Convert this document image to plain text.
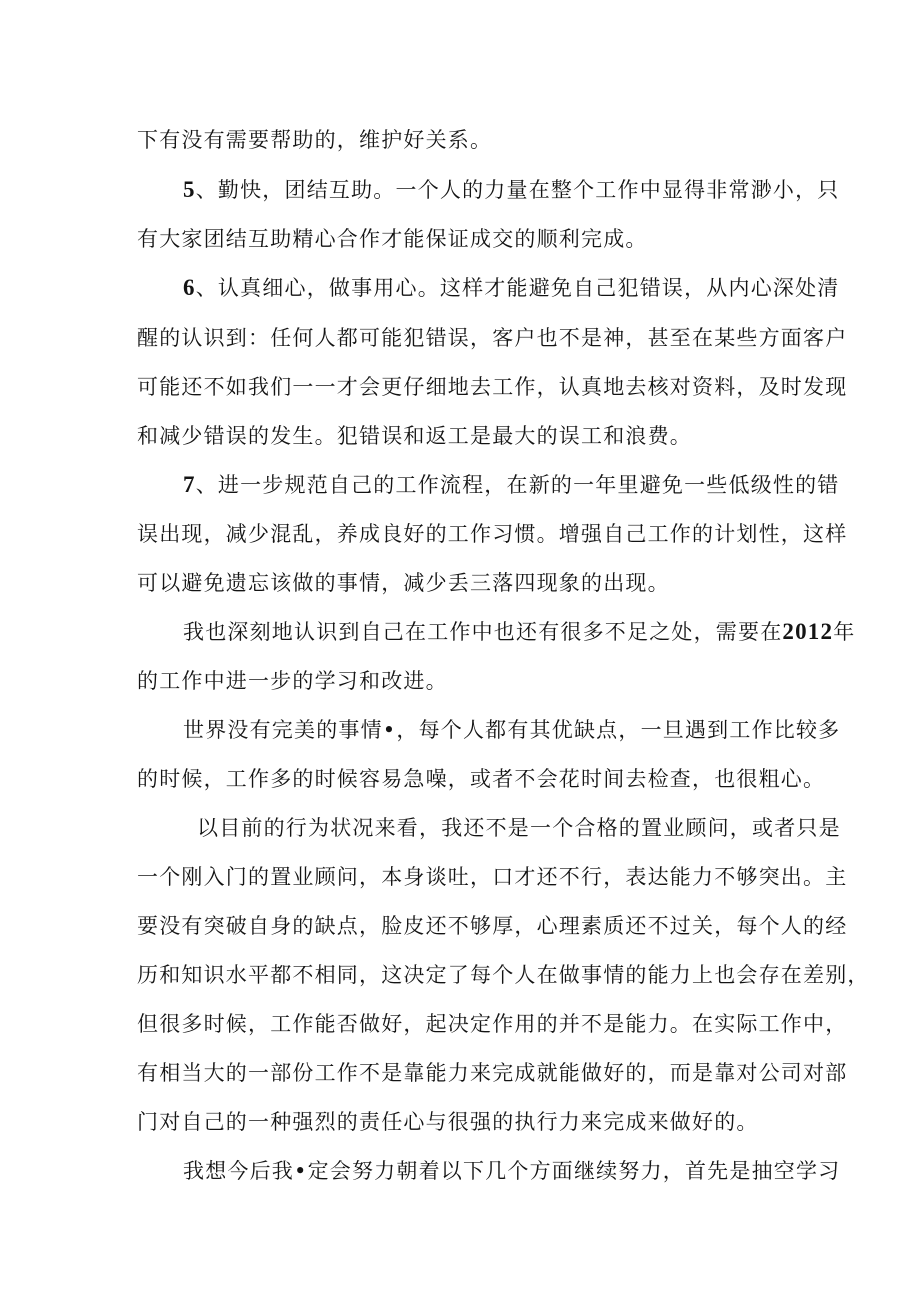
下有没有需要帮助的，维护好关系。

5、勤快，团结互助。一个人的力量在整个工作中显得非常渺小，只

有大家团结互助精心合作才能保证成交的顺利完成。

6、认真细心，做事用心。这样才能避免自己犯错误，从内心深处清

醒的认识到：任何人都可能犯错误，客户也不是神，甚至在某些方面客户

可能还不如我们一一才会更仔细地去工作，认真地去核对资料，及时发现

和减少错误的发生。犯错误和返工是最大的误工和浪费。

7、进一步规范自己的工作流程，在新的一年里避免一些低级性的错

误出现，减少混乱，养成良好的工作习惯。增强自己工作的计划性，这样

可以避免遗忘该做的事情，减少丢三落四现象的出现。

我也深刻地认识到自己在工作中也还有很多不足之处，需要在2012年

的工作中进一步的学习和改进。

世界没有完美的事情•，每个人都有其优缺点，一旦遇到工作比较多

的时候，工作多的时候容易急噪，或者不会花时间去检查，也很粗心。

以目前的行为状况来看，我还不是一个合格的置业顾问，或者只是

一个刚入门的置业顾问，本身谈吐，口才还不行，表达能力不够突出。主

要没有突破自身的缺点，脸皮还不够厚，心理素质还不过关，每个人的经

历和知识水平都不相同，这决定了每个人在做事情的能力上也会存在差别，

但很多时候，工作能否做好，起决定作用的并不是能力。在实际工作中，

有相当大的一部份工作不是靠能力来完成就能做好的，而是靠对公司对部

门对自己的一种强烈的责任心与很强的执行力来完成来做好的。

我想今后我•定会努力朝着以下几个方面继续努力，首先是抽空学习
